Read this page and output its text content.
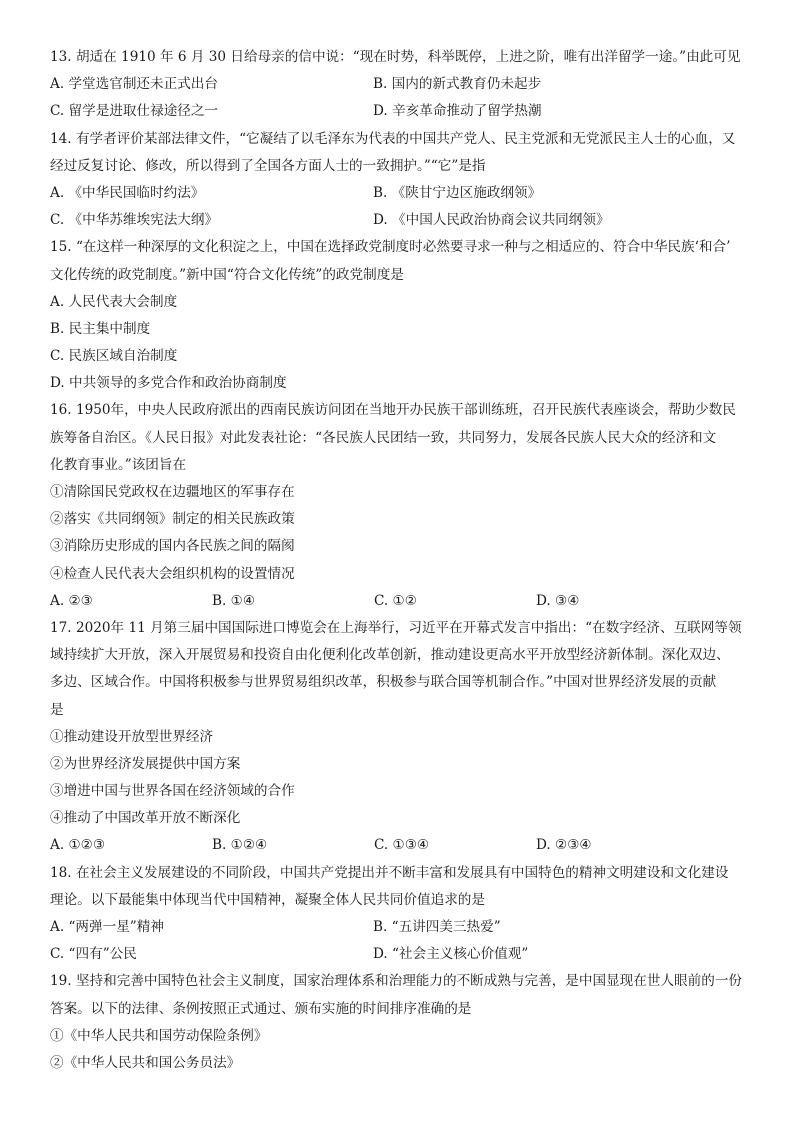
13. 胡适在 1910 年 6 月 30 日给母亲的信中说：“现在时势，科举既停，上进之阶，唯有出洋留学一途。”由此可见
A. 学堂选官制还未正式出台	B. 国内的新式教育仍未起步
C. 留学是进取仕禄途径之一	D. 辛亥革命推动了留学热潮
14. 有学者评价某部法律文件，“它凝结了以毛泽东为代表的中国共产党人、民主党派和无党派民主人士的心血，又
经过反复讨论、修改，所以得到了全国各方面人士的一致拥护。”“它”是指
A. 《中华民国临时约法》	B. 《陕甘宁边区施政纲领》
C. 《中华苏维埃宪法大纲》	D. 《中国人民政治协商会议共同纲领》
15. “在这样一种深厚的文化积淀之上，中国在选择政党制度时必然要寻求一种与之相适应的、符合中华民族‘和合’
文化传统的政党制度。”新中国“符合文化传统”的政党制度是
A. 人民代表大会制度
B. 民主集中制度
C. 民族区域自治制度
D. 中共领导的多党合作和政治协商制度
16. 1950年，中央人民政府派出的西南民族访问团在当地开办民族干部训练班，召开民族代表座谈会，帮助少数民
族筹备自治区。《人民日报》对此发表社论：“各民族人民团结一致，共同努力，发展各民族人民大众的经济和文
化教育事业。”该团旨在
①清除国民党政权在边疆地区的军事存在
②落实《共同纲领》制定的相关民族政策
③消除历史形成的国内各民族之间的隔阂
④检查人民代表大会组织机构的设置情况
A. ②③	B. ①④	C. ①②	D. ③④
17. 2020年 11 月第三届中国国际进口博览会在上海举行，习近平在开幕式发言中指出：“在数字经济、互联网等领
域持续扩大开放，深入开展贸易和投资自由化便利化改革创新，推动建设更高水平开放型经济新体制。深化双边、
多边、区域合作。中国将积极参与世界贸易组织改革，积极参与联合国等机制合作。”中国对世界经济发展的贡献
是
①推动建设开放型世界经济
②为世界经济发展提供中国方案
③增进中国与世界各国在经济领域的合作
④推动了中国改革开放不断深化
A. ①②③	B. ①②④	C. ①③④	D. ②③④
18. 在社会主义发展建设的不同阶段，中国共产党提出并不断丰富和发展具有中国特色的精神文明建设和文化建设
理论。以下最能集中体现当代中国精神，凝聚全体人民共同价值追求的是
A. “两弹一星”精神	B. “五讲四美三热爱”
C. “四有”公民	D. “社会主义核心价值观”
19. 坚持和完善中国特色社会主义制度，国家治理体系和治理能力的不断成熟与完善，是中国显现在世人眼前的一份
答案。以下的法律、条例按照正式通过、颁布实施的时间排序准确的是
①《中华人民共和国劳动保险条例》
②《中华人民共和国公务员法》
